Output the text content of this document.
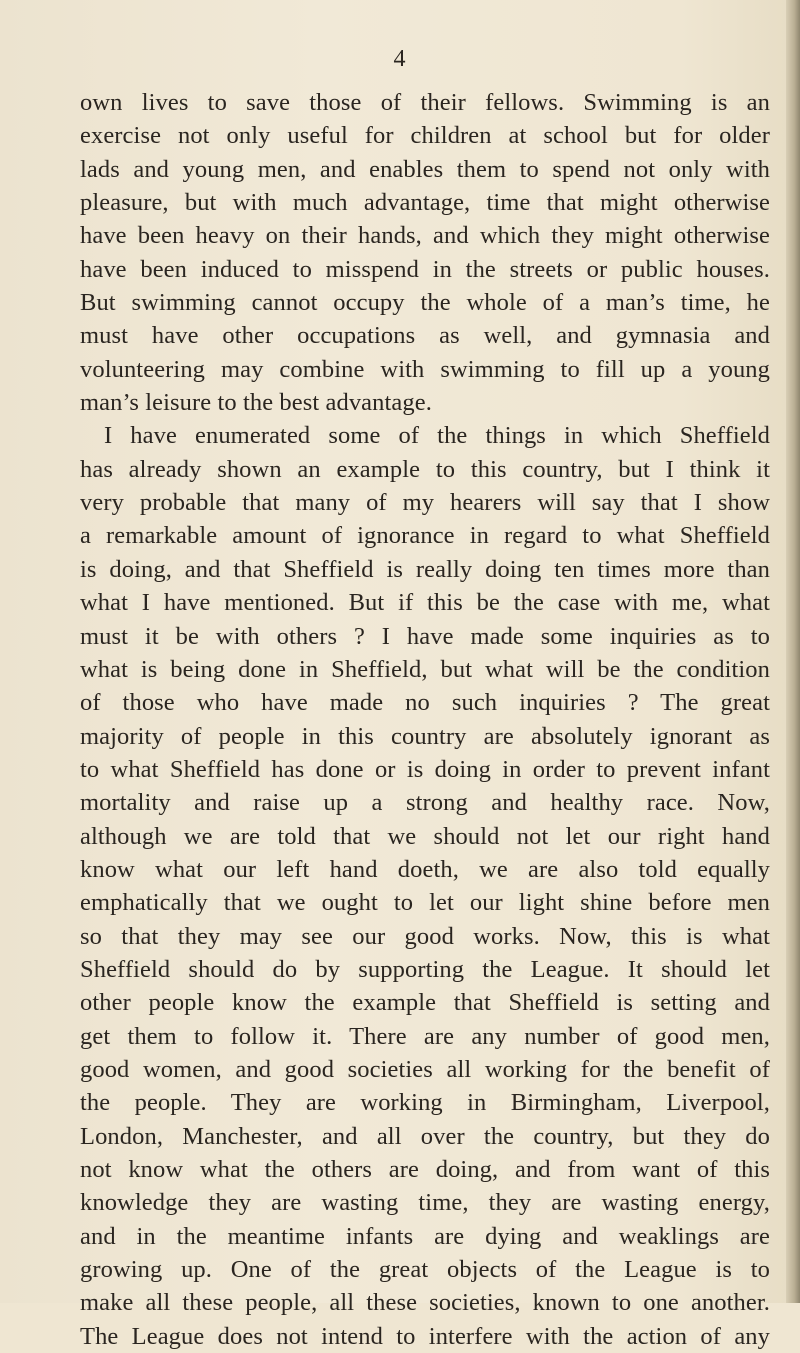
4
own lives to save those of their fellows. Swimming is an
exercise not only useful for children at school but for older
lads and young men, and enables them to spend not only with
pleasure, but with much advantage, time that might otherwise
have been heavy on their hands, and which they might otherwise
have been induced to misspend in the streets or public houses.
But swimming cannot occupy the whole of a man’s time, he
must have other occupations as well, and gymnasia and
volunteering may combine with swimming to fill up a young
man’s leisure to the best advantage.
I have enumerated some of the things in which Sheffield
has already shown an example to this country, but I think it
very probable that many of my hearers will say that I show
a remarkable amount of ignorance in regard to what Sheffield
is doing, and that Sheffield is really doing ten times more than
what I have mentioned. But if this be the case with me, what
must it be with others ? I have made some inquiries as to
what is being done in Sheffield, but what will be the condition
of those who have made no such inquiries ? The great
majority of people in this country are absolutely ignorant as
to what Sheffield has done or is doing in order to prevent infant
mortality and raise up a strong and healthy race. Now,
although we are told that we should not let our right hand
know what our left hand doeth, we are also told equally
emphatically that we ought to let our light shine before men
so that they may see our good works. Now, this is what
Sheffield should do by supporting the League. It should let
other people know the example that Sheffield is setting and
get them to follow it. There are any number of good men,
good women, and good societies all working for the benefit of
the people. They are working in Birmingham, Liverpool,
London, Manchester, and all over the country, but they do
not know what the others are doing, and from want of this
knowledge they are wasting time, they are wasting energy,
and in the meantime infants are dying and weaklings are
growing up. One of the great objects of the League is to
make all these people, all these societies, known to one another.
The League does not intend to interfere with the action of any
